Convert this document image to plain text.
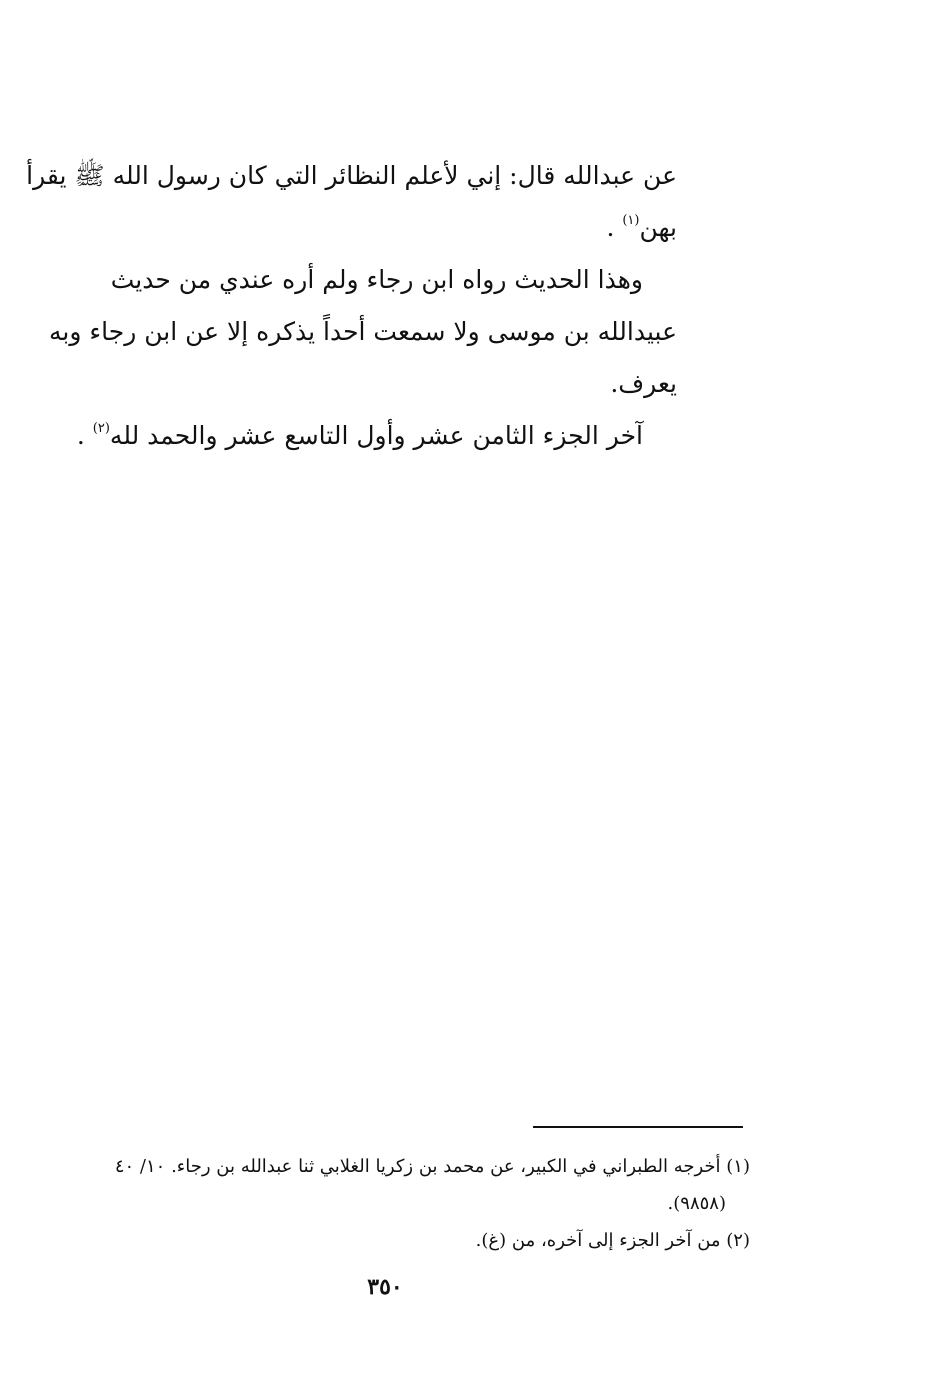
عن عبدالله قال: إني لأعلم النظائر التي كان رسول الله ﷺ يقرأ
بهن$^{(١)}$ .

وهذا الحديث رواه ابن رجاء ولم أره عندي من حديث
عبيدالله بن موسى ولا سمعت أحداً يذكره إلا عن ابن رجاء وبه
يعرف.

آخر الجزء الثامن عشر وأول التاسع عشر والحمد لله$^{(٢)}$ .

(١) أخرجه الطبراني في الكبير، عن محمد بن زكريا الغلابي ثنا عبدالله بن رجاء. ١٠/ ٤٠

(٩٨٥٨).

(٢) من آخر الجزء إلى آخره، من (غ).

٣٥٠
